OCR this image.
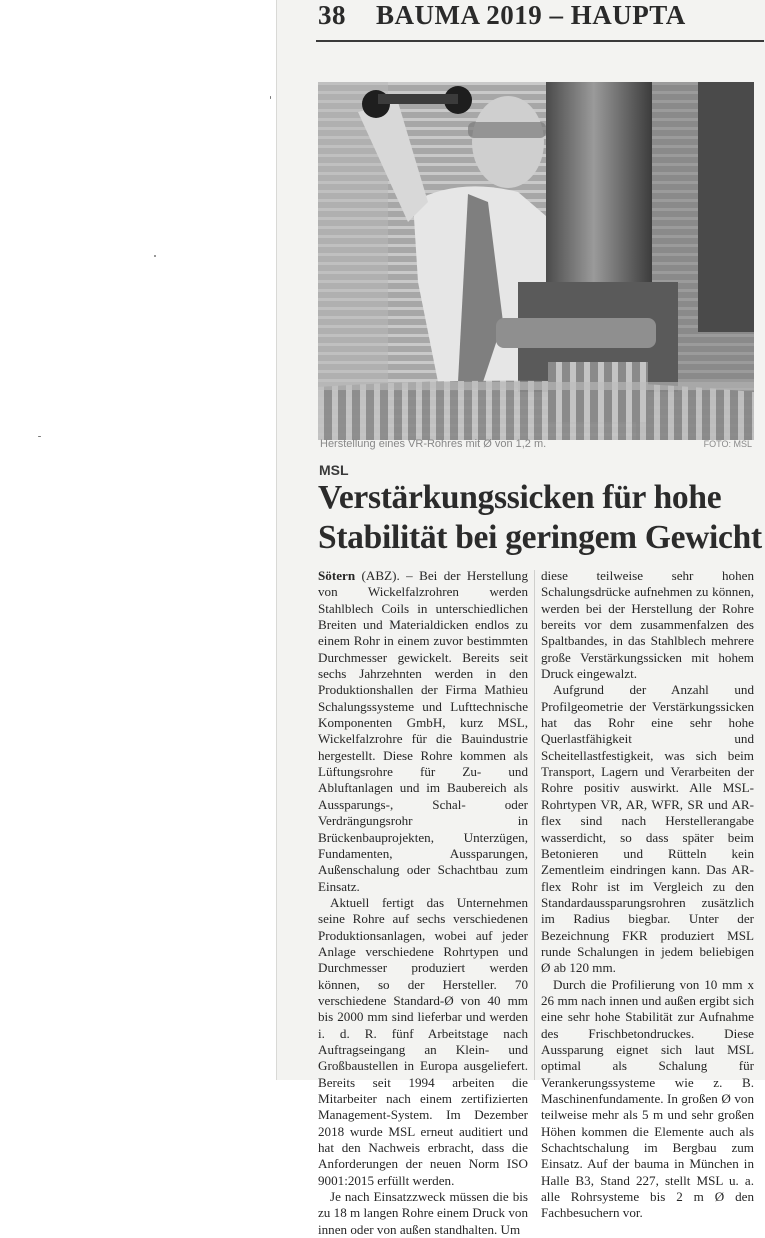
38 BAUMA 2019 – HAUPTA
Herstellung eines VR-Rohres mit Ø von 1,2 m.	FOTO: MSL
MSL
Verstärkungssicken für hohe
Stabilität bei geringem Gewicht

Sötern (ABZ). – Bei der Herstellung von Wickelfalzrohren werden Stahlblech Coils in unterschiedlichen Breiten und Materialdicken endlos zu einem Rohr in einem zuvor bestimmten Durchmesser gewickelt. Bereits seit sechs Jahrzehnten werden in den Produktionshallen der Firma Mathieu Schalungssysteme und Lufttechnische Komponenten GmbH, kurz MSL, Wickelfalzrohre für die Bauindustrie hergestellt. Diese Rohre kommen als Lüftungsrohre für Zu- und Abluftanlagen und im Baubereich als Aussparungs-, Schal- oder Verdrängungsrohr in Brückenbauprojekten, Unterzügen, Fundamenten, Aussparungen, Außenschalung oder Schachtbau zum Einsatz.

Aktuell fertigt das Unternehmen seine Rohre auf sechs verschiedenen Produktionsanlagen, wobei auf jeder Anlage verschiedene Rohrtypen und Durchmesser produziert werden können, so der Hersteller. 70 verschiedene Standard-Ø von 40 mm bis 2000 mm sind lieferbar und werden i. d. R. fünf Arbeitstage nach Auftragseingang an Klein- und Großbaustellen in Europa ausgeliefert. Bereits seit 1994 arbeiten die Mitarbeiter nach einem zertifizierten Management-System. Im Dezember 2018 wurde MSL erneut auditiert und hat den Nachweis erbracht, dass die Anforderungen der neuen Norm ISO 9001:2015 erfüllt werden.

Je nach Einsatzzweck müssen die bis zu 18 m langen Rohre einem Druck von innen oder von außen standhalten. Um

diese teilweise sehr hohen Schalungsdrücke aufnehmen zu können, werden bei der Herstellung der Rohre bereits vor dem zusammenfalzen des Spaltbandes, in das Stahlblech mehrere große Verstärkungssicken mit hohem Druck eingewalzt.

Aufgrund der Anzahl und Profilgeometrie der Verstärkungssicken hat das Rohr eine sehr hohe Querlastfähigkeit und Scheitellastfestigkeit, was sich beim Transport, Lagern und Verarbeiten der Rohre positiv auswirkt. Alle MSL-Rohrtypen VR, AR, WFR, SR und AR-flex sind nach Herstellerangabe wasserdicht, so dass später beim Betonieren und Rütteln kein Zementleim eindringen kann. Das AR-flex Rohr ist im Vergleich zu den Standardaussparungsrohren zusätzlich im Radius biegbar. Unter der Bezeichnung FKR produziert MSL runde Schalungen in jedem beliebigen Ø ab 120 mm.

Durch die Profilierung von 10 mm x 26 mm nach innen und außen ergibt sich eine sehr hohe Stabilität zur Aufnahme des Frischbetondruckes. Diese Aussparung eignet sich laut MSL optimal als Schalung für Verankerungssysteme wie z. B. Maschinenfundamente. In großen Ø von teilweise mehr als 5 m und sehr großen Höhen kommen die Elemente auch als Schachtschalung im Bergbau zum Einsatz. Auf der bauma in München in Halle B3, Stand 227, stellt MSL u. a. alle Rohrsysteme bis 2 m Ø den Fachbesuchern vor.
